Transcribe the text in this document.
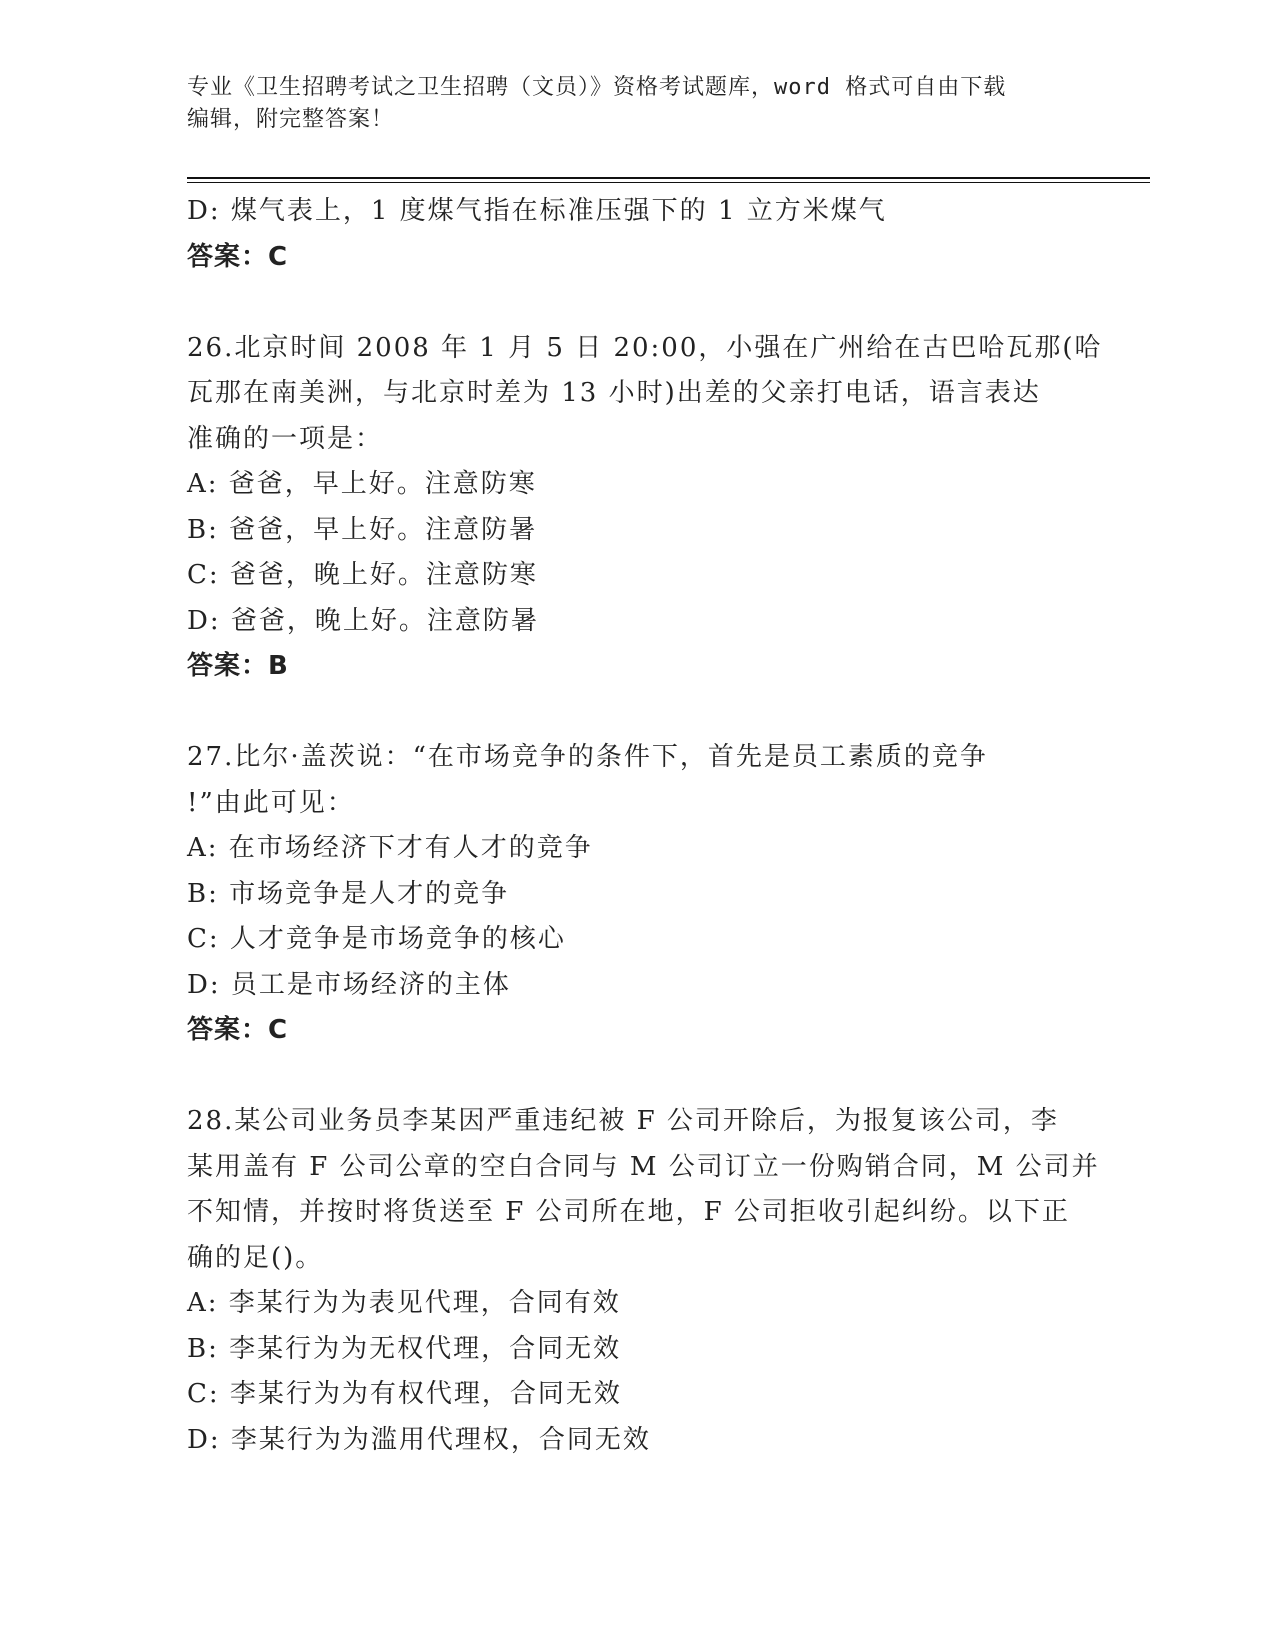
专业《卫生招聘考试之卫生招聘（文员）》资格考试题库，word 格式可自由下载
编辑，附完整答案！
D: 煤气表上，1 度煤气指在标准压强下的 1 立方米煤气
答案：C
26.北京时间 2008 年 1 月 5 日 20:00，小强在广州给在古巴哈瓦那(哈
瓦那在南美洲，与北京时差为 13 小时)出差的父亲打电话，语言表达
准确的一项是：
A: 爸爸，早上好。注意防寒
B: 爸爸，早上好。注意防暑
C: 爸爸，晚上好。注意防寒
D: 爸爸，晚上好。注意防暑
答案：B
27.比尔·盖茨说：“在市场竞争的条件下，首先是员工素质的竞争
!”由此可见：
A: 在市场经济下才有人才的竞争
B: 市场竞争是人才的竞争
C: 人才竞争是市场竞争的核心
D: 员工是市场经济的主体
答案：C
28.某公司业务员李某因严重违纪被 F 公司开除后，为报复该公司，李
某用盖有 F 公司公章的空白合同与 M 公司订立一份购销合同，M 公司并
不知情，并按时将货送至 F 公司所在地，F 公司拒收引起纠纷。以下正
确的足()。
A: 李某行为为表见代理，合同有效
B: 李某行为为无权代理，合同无效
C: 李某行为为有权代理，合同无效
D: 李某行为为滥用代理权，合同无效
